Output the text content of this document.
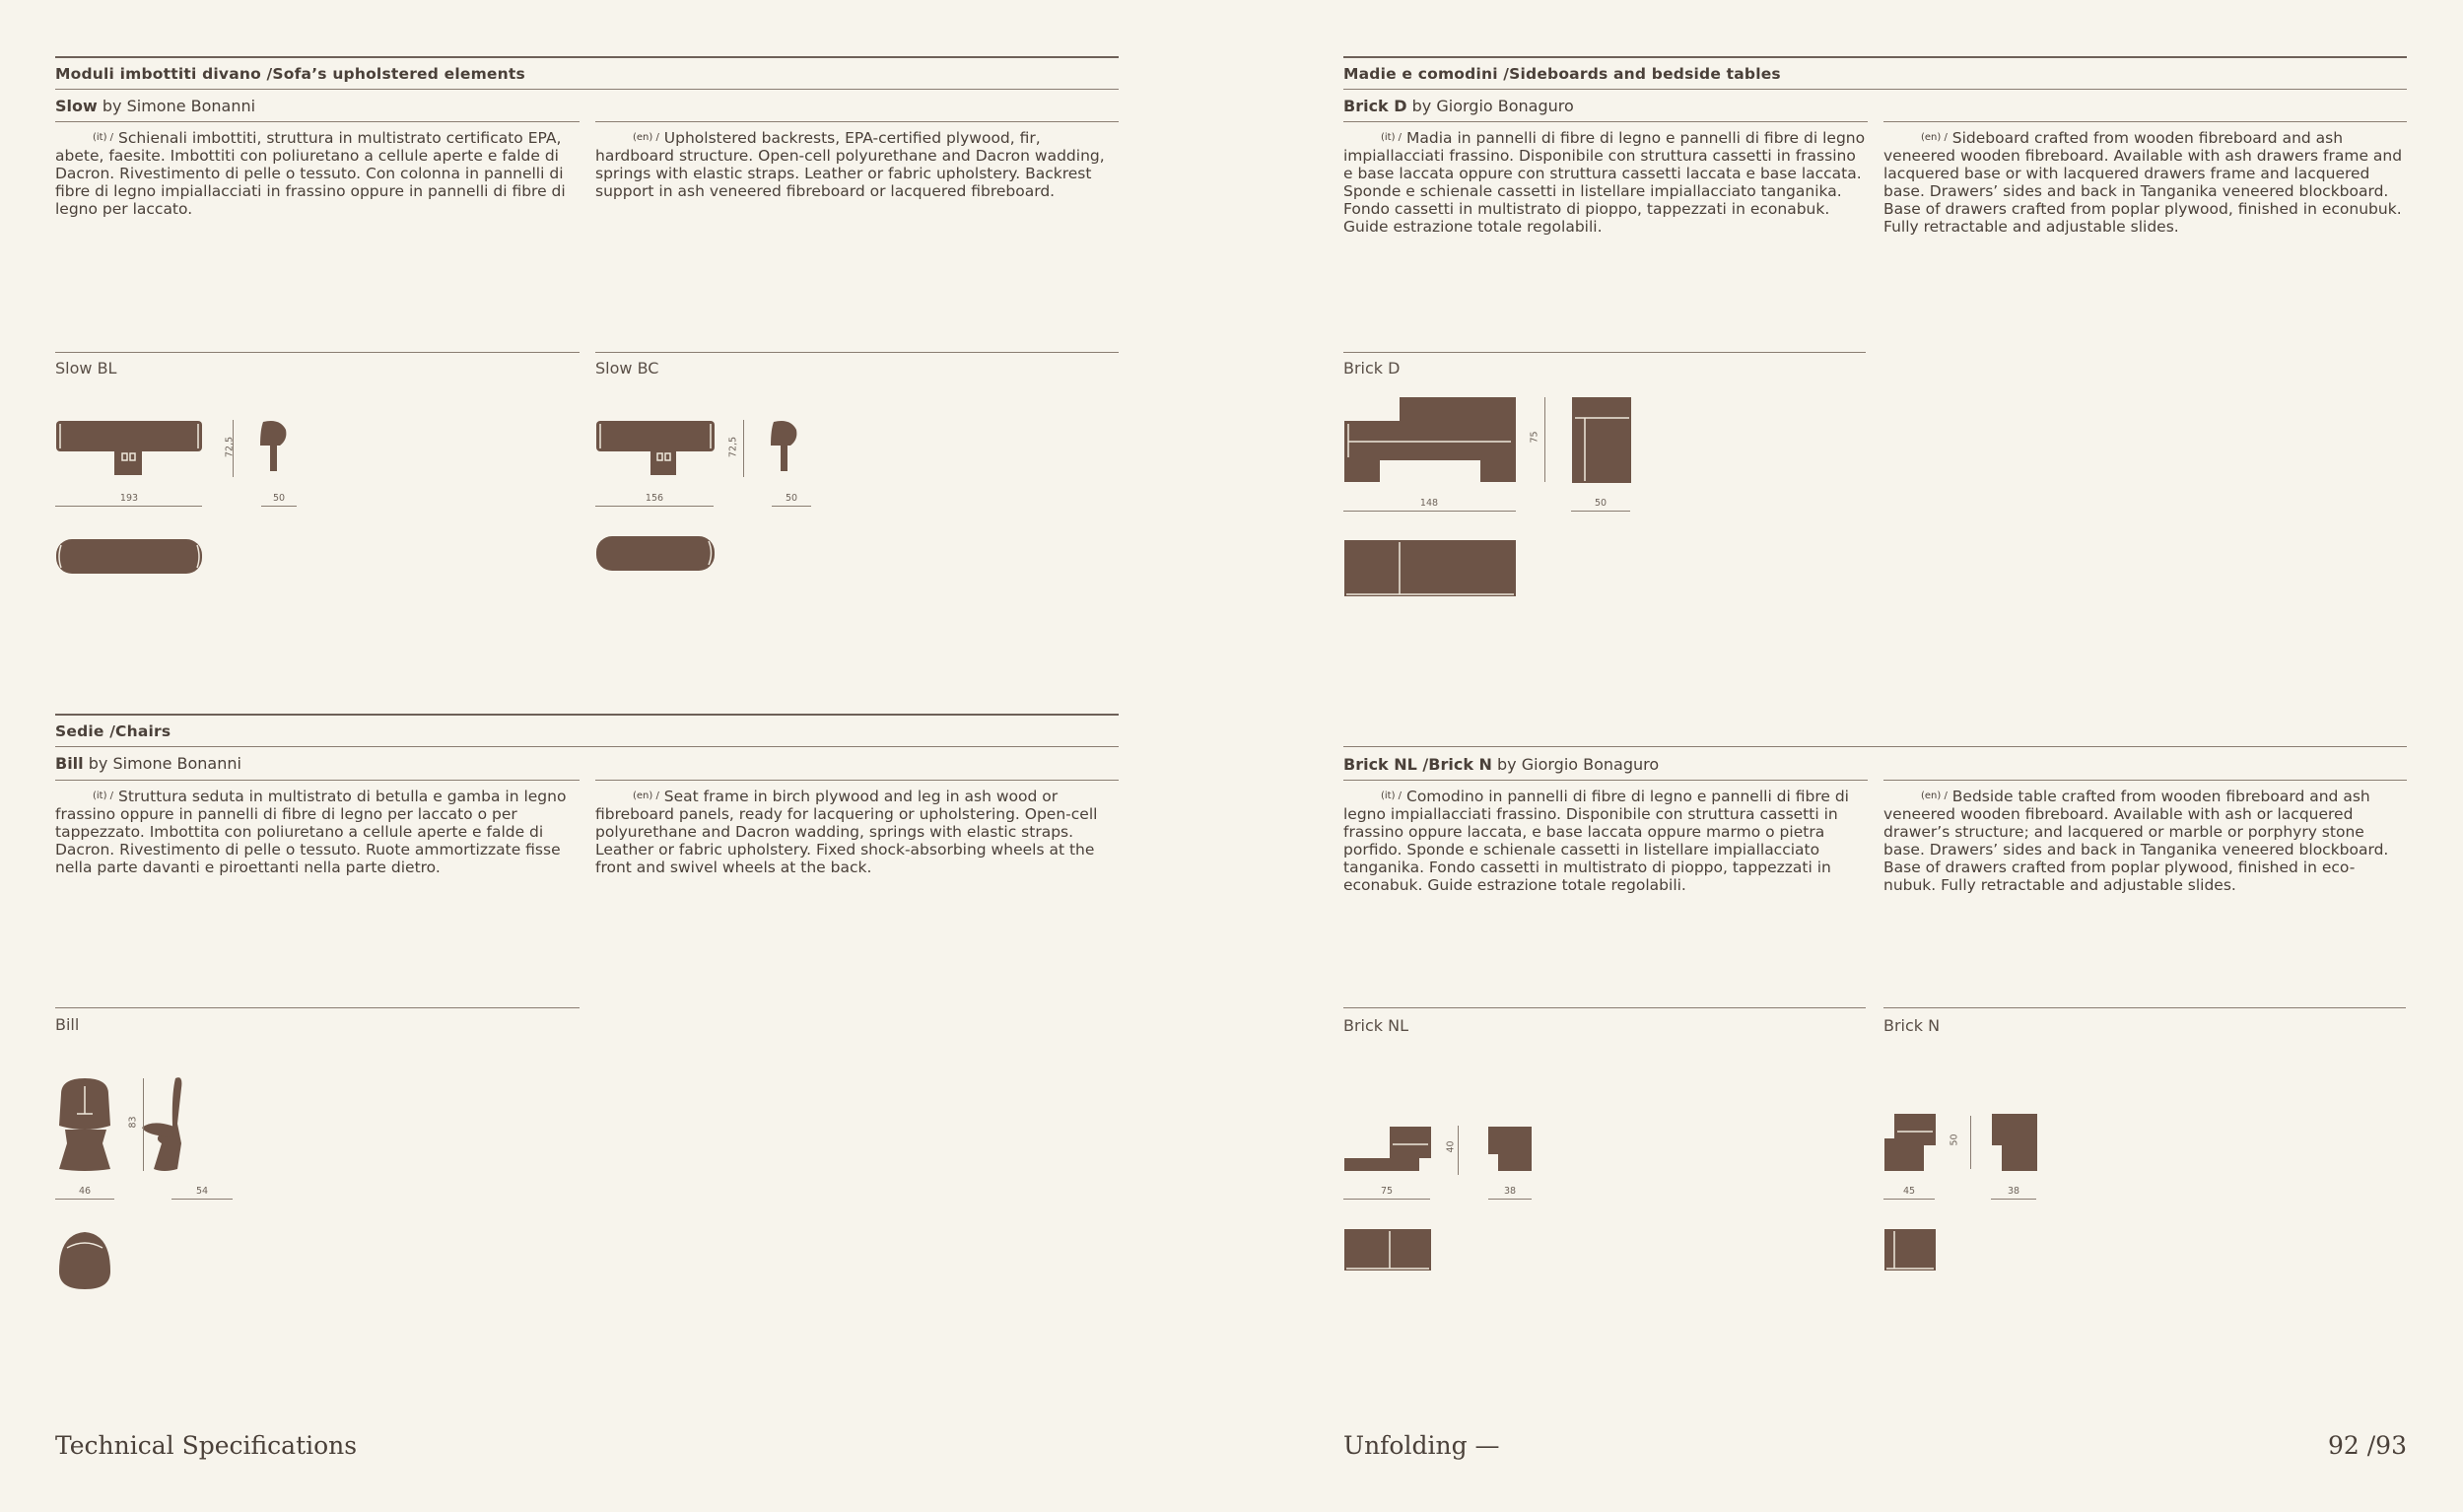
Moduli imbottiti divano /Sofa’s upholstered elements
Slow by Simone Bonanni
(it) / Schienali imbottiti, struttura in multistrato certificato EPA, abete, faesite. Imbottiti con poliuretano a cellule aperte e falde di Dacron. Rivestimento di pelle o tessuto. Con colonna in pannelli di fibre di legno impiallacciati in frassino oppure in pannelli di fibre di legno per laccato.
(en) / Upholstered backrests, EPA-certified plywood, fir, hardboard structure. Open-cell polyurethane and Dacron wadding, springs with elastic straps. Leather or fabric upholstery. Backrest support in ash veneered fibreboard or lacquered fibreboard.
Slow BL
72,5
193	50
Slow BC
72,5
156	50
Sedie /Chairs
Bill by Simone Bonanni
(it) / Struttura seduta in multistrato di betulla e gamba in legno frassino oppure in pannelli di fibre di legno per laccato o per tappezzato. Imbottita con poliuretano a cellule aperte e falde di Dacron. Rivestimento di pelle o tessuto. Ruote ammortizzate fisse nella parte davanti e piroettanti nella parte dietro.
(en) / Seat frame in birch plywood and leg in ash wood or fibreboard panels, ready for lacquering or upholstering. Open-cell polyurethane and Dacron wadding, springs with elastic straps. Leather or fabric upholstery. Fixed shock-absorbing wheels at the front and swivel wheels at the back.
Bill
83
46	54
Technical Specifications
Madie e comodini /Sideboards and bedside tables
Brick D by Giorgio Bonaguro
(it) / Madia in pannelli di fibre di legno e pannelli di fibre di legno impiallacciati frassino. Disponibile con struttura cassetti in frassino e base laccata oppure con struttura cassetti laccata e base laccata. Sponde e schienale cassetti in listellare impiallacciato tanganika. Fondo cassetti in multistrato di pioppo, tappezzati in econabuk. Guide estrazione totale regolabili.
(en) / Sideboard crafted from wooden fibreboard and ash veneered wooden fibreboard. Available with ash drawers frame and lacquered base or with lacquered drawers frame and lacquered base. Drawers’ sides and back in Tanganika veneered blockboard. Base of drawers crafted from poplar plywood, finished in econubuk. Fully retractable and adjustable slides.
Brick D
75
148	50
Brick NL /Brick N by Giorgio Bonaguro
(it) / Comodino in pannelli di fibre di legno e pannelli di fibre di legno impiallacciati frassino. Disponibile con struttura cassetti in frassino oppure laccata, e base laccata oppure marmo o pietra porfido. Sponde e schienale cassetti in listellare impiallacciato tanganika. Fondo cassetti in multistrato di pioppo, tappezzati in econabuk. Guide estrazione totale regolabili.
(en) / Bedside table crafted from wooden fibreboard and ash veneered wooden fibreboard. Available with ash or lacquered drawer’s structure; and lacquered or marble or porphyry stone base. Drawers’ sides and back in Tanganika veneered blockboard. Base of drawers crafted from poplar plywood, finished in eco-nubuk. Fully retractable and adjustable slides.
Brick NL
40
75	38
Brick N
50
45	38
Unfolding —	92 /93
